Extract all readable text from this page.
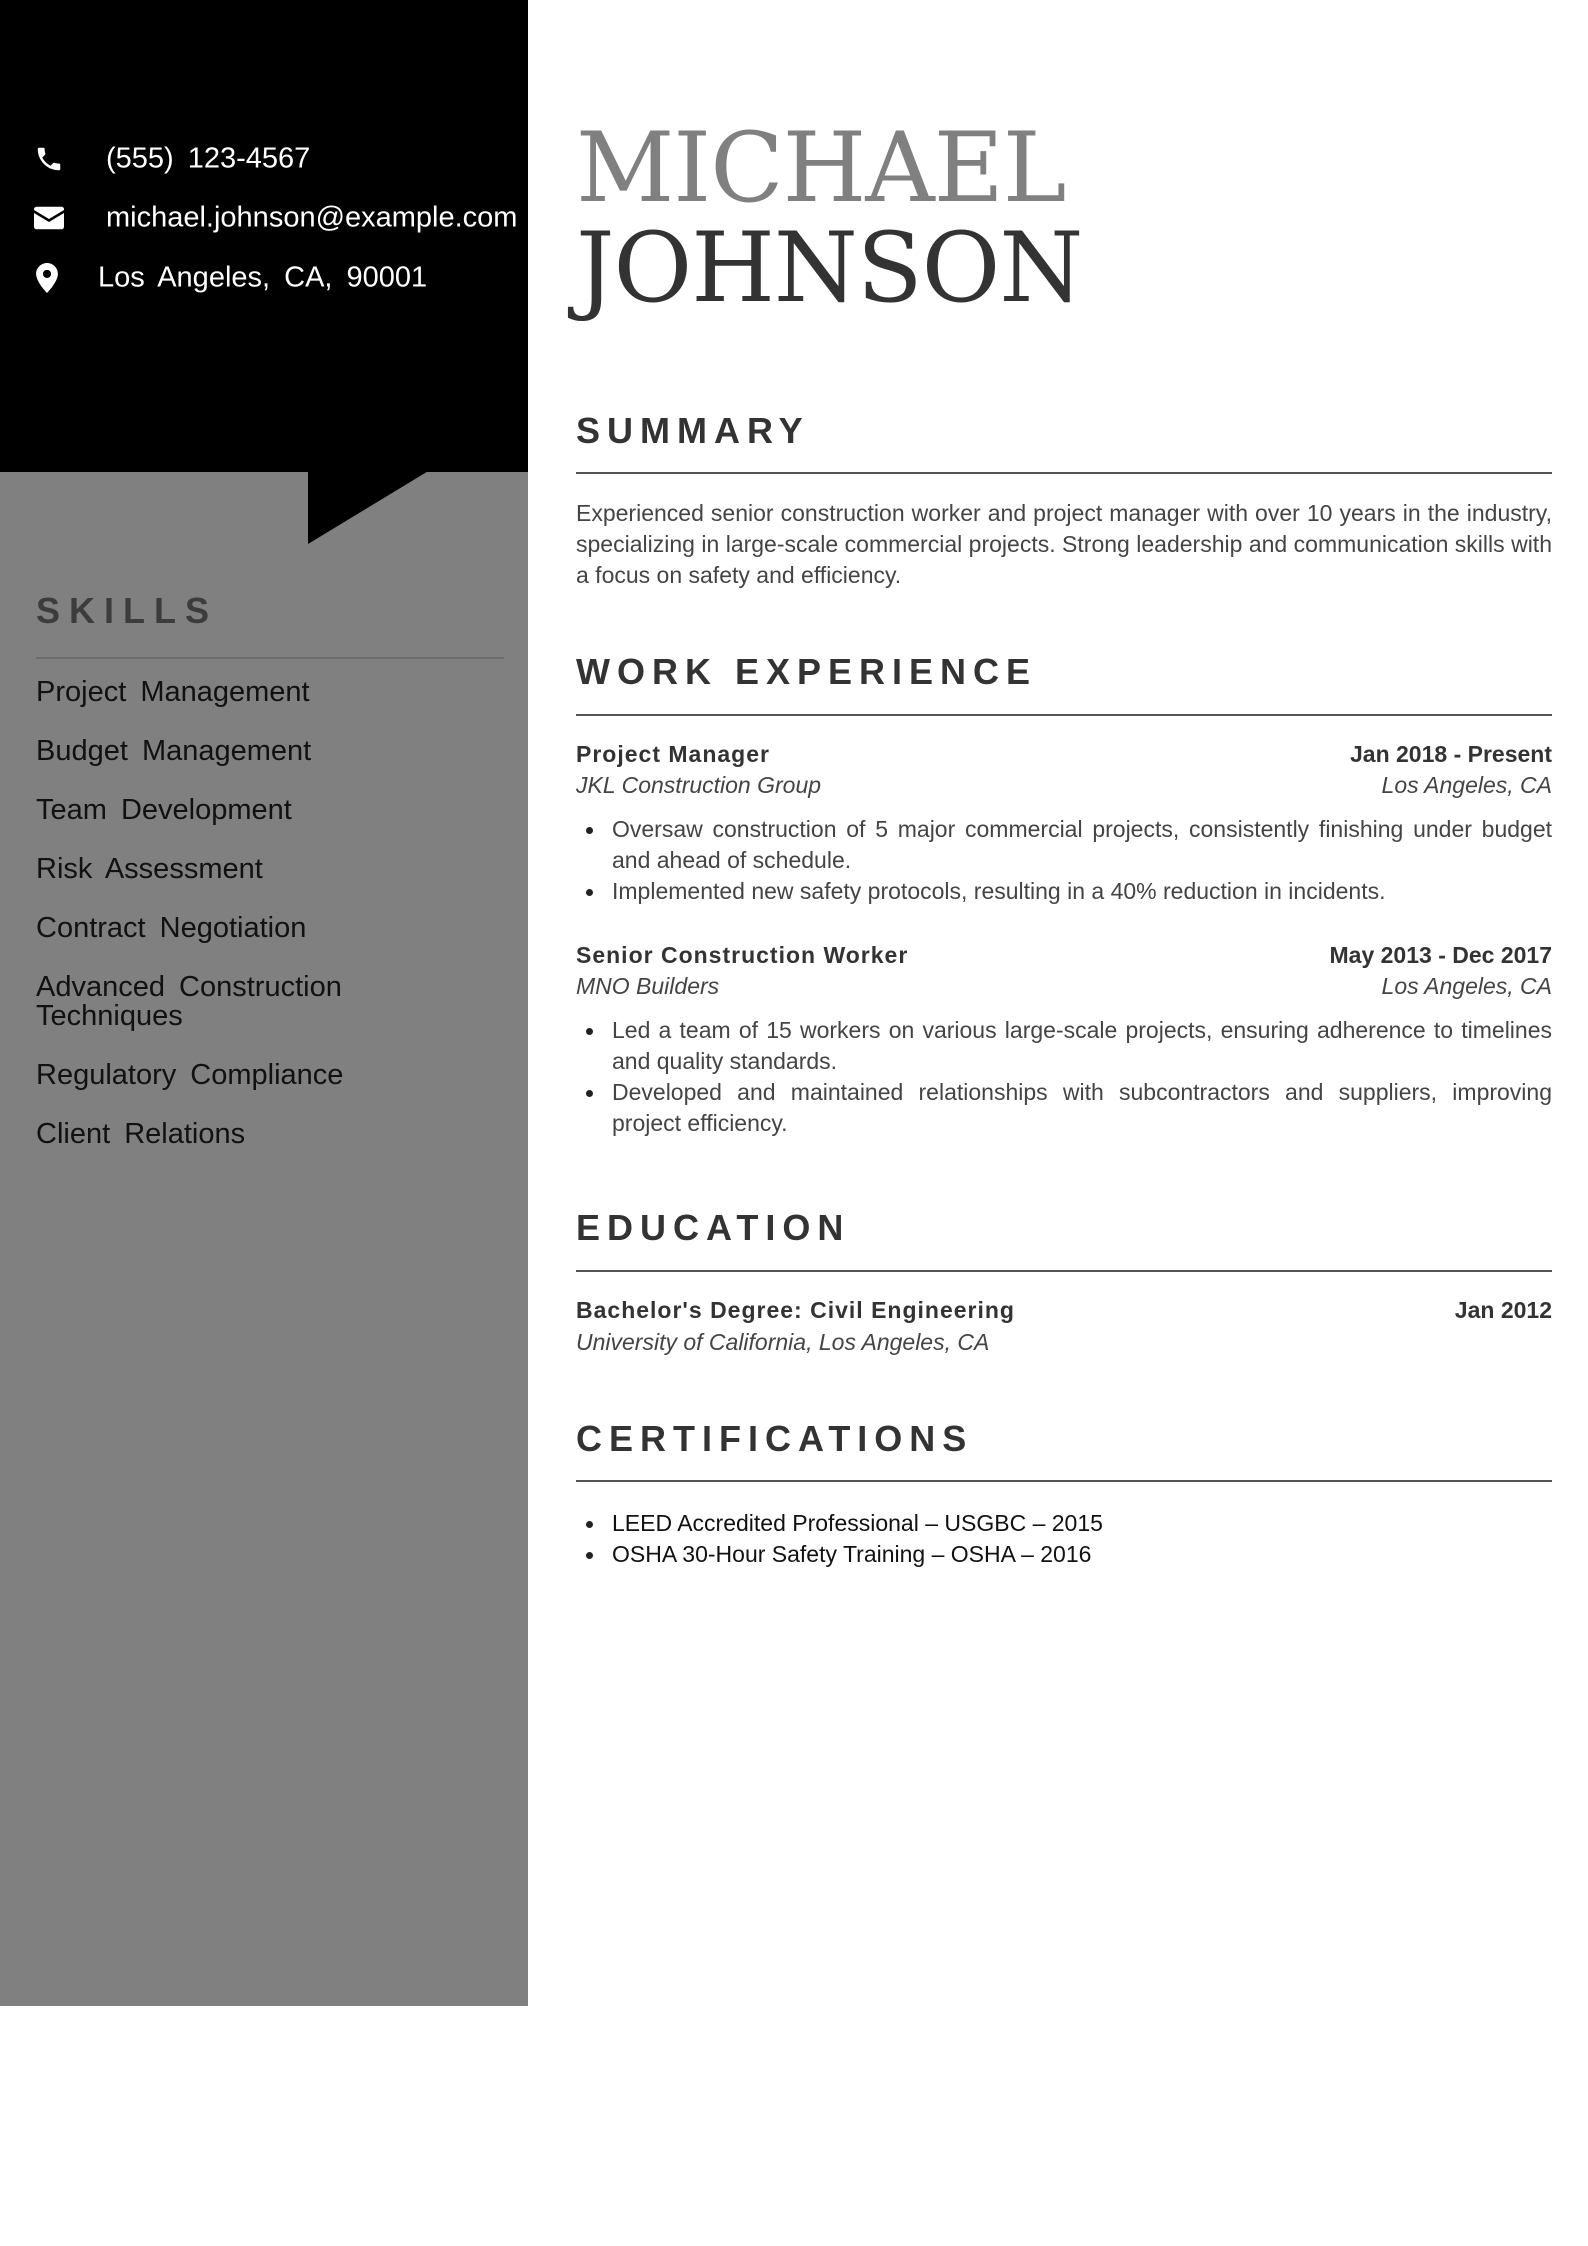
(555) 123-4567
michael.johnson@example.com
Los Angeles, CA, 90001
SKILLS
Project Management
Budget Management
Team Development
Risk Assessment
Contract Negotiation
Advanced Construction Techniques
Regulatory Compliance
Client Relations
MICHAEL
JOHNSON
SUMMARY

Experienced senior construction worker and project manager with over 10 years in the industry, specializing in large-scale commercial projects. Strong leadership and communication skills with a focus on safety and efficiency.

WORK EXPERIENCE
Project Manager	Jan 2018 - Present
JKL Construction Group	Los Angeles, CA
Oversaw construction of 5 major commercial projects, consistently finishing under budget and ahead of schedule.
Implemented new safety protocols, resulting in a 40% reduction in incidents.
Senior Construction Worker	May 2013 - Dec 2017
MNO Builders	Los Angeles, CA
Led a team of 15 workers on various large-scale projects, ensuring adherence to timelines and quality standards.
Developed and maintained relationships with subcontractors and suppliers, improving project efficiency.
EDUCATION
Bachelor's Degree: Civil Engineering	Jan 2012
University of California, Los Angeles, CA
CERTIFICATIONS
LEED Accredited Professional – USGBC – 2015
OSHA 30-Hour Safety Training – OSHA – 2016
